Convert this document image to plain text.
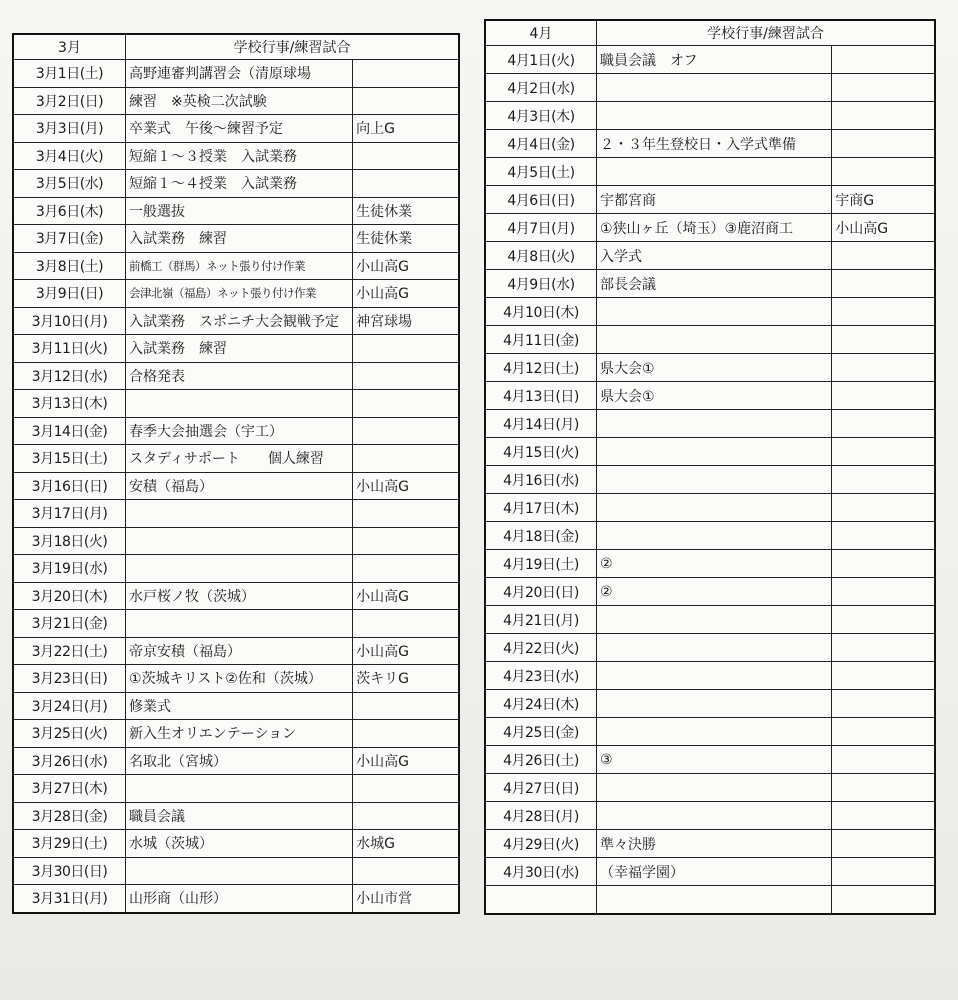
3月	学校行事/練習試合	
3月1日(土)	高野連審判講習会（清原球場	
3月2日(日)	練習　※英検二次試験	
3月3日(月)	卒業式　午後～練習予定	向上G
3月4日(火)	短縮１～３授業　入試業務	
3月5日(水)	短縮１～４授業　入試業務	
3月6日(木)	一般選抜	生徒休業
3月7日(金)	入試業務　練習	生徒休業
3月8日(土)	前橋工（群馬）ネット張り付け作業	小山高G
3月9日(日)	会津北嶺（福島）ネット張り付け作業	小山高G
3月10日(月)	入試業務　スポニチ大会観戦予定	神宮球場
3月11日(火)	入試業務　練習	
3月12日(水)	合格発表	
3月13日(木)		
3月14日(金)	春季大会抽選会（宇工）	
3月15日(土)	スタディサポート　　個人練習	
3月16日(日)	安積（福島）	小山高G
3月17日(月)		
3月18日(火)		
3月19日(水)		
3月20日(木)	水戸桜ノ牧（茨城）	小山高G
3月21日(金)		
3月22日(土)	帝京安積（福島）	小山高G
3月23日(日)	①茨城キリスト②佐和（茨城）	茨キリG
3月24日(月)	修業式	
3月25日(火)	新入生オリエンテーション	
3月26日(水)	名取北（宮城）	小山高G
3月27日(木)		
3月28日(金)	職員会議	
3月29日(土)	水城（茨城）	水城G
3月30日(日)		
3月31日(月)	山形商（山形）	小山市営
4月	学校行事/練習試合	
4月1日(火)	職員会議　オフ	
4月2日(水)		
4月3日(木)		
4月4日(金)	２・３年生登校日・入学式準備	
4月5日(土)		
4月6日(日)	宇都宮商	宇商G
4月7日(月)	①狭山ヶ丘（埼玉）③鹿沼商工	小山高G
4月8日(火)	入学式	
4月9日(水)	部長会議	
4月10日(木)		
4月11日(金)		
4月12日(土)	県大会①	
4月13日(日)	県大会①	
4月14日(月)		
4月15日(火)		
4月16日(水)		
4月17日(木)		
4月18日(金)		
4月19日(土)	②	
4月20日(日)	②	
4月21日(月)		
4月22日(火)		
4月23日(水)		
4月24日(木)		
4月25日(金)		
4月26日(土)	③	
4月27日(日)		
4月28日(月)		
4月29日(火)	準々決勝	
4月30日(水)	（幸福学園）	
